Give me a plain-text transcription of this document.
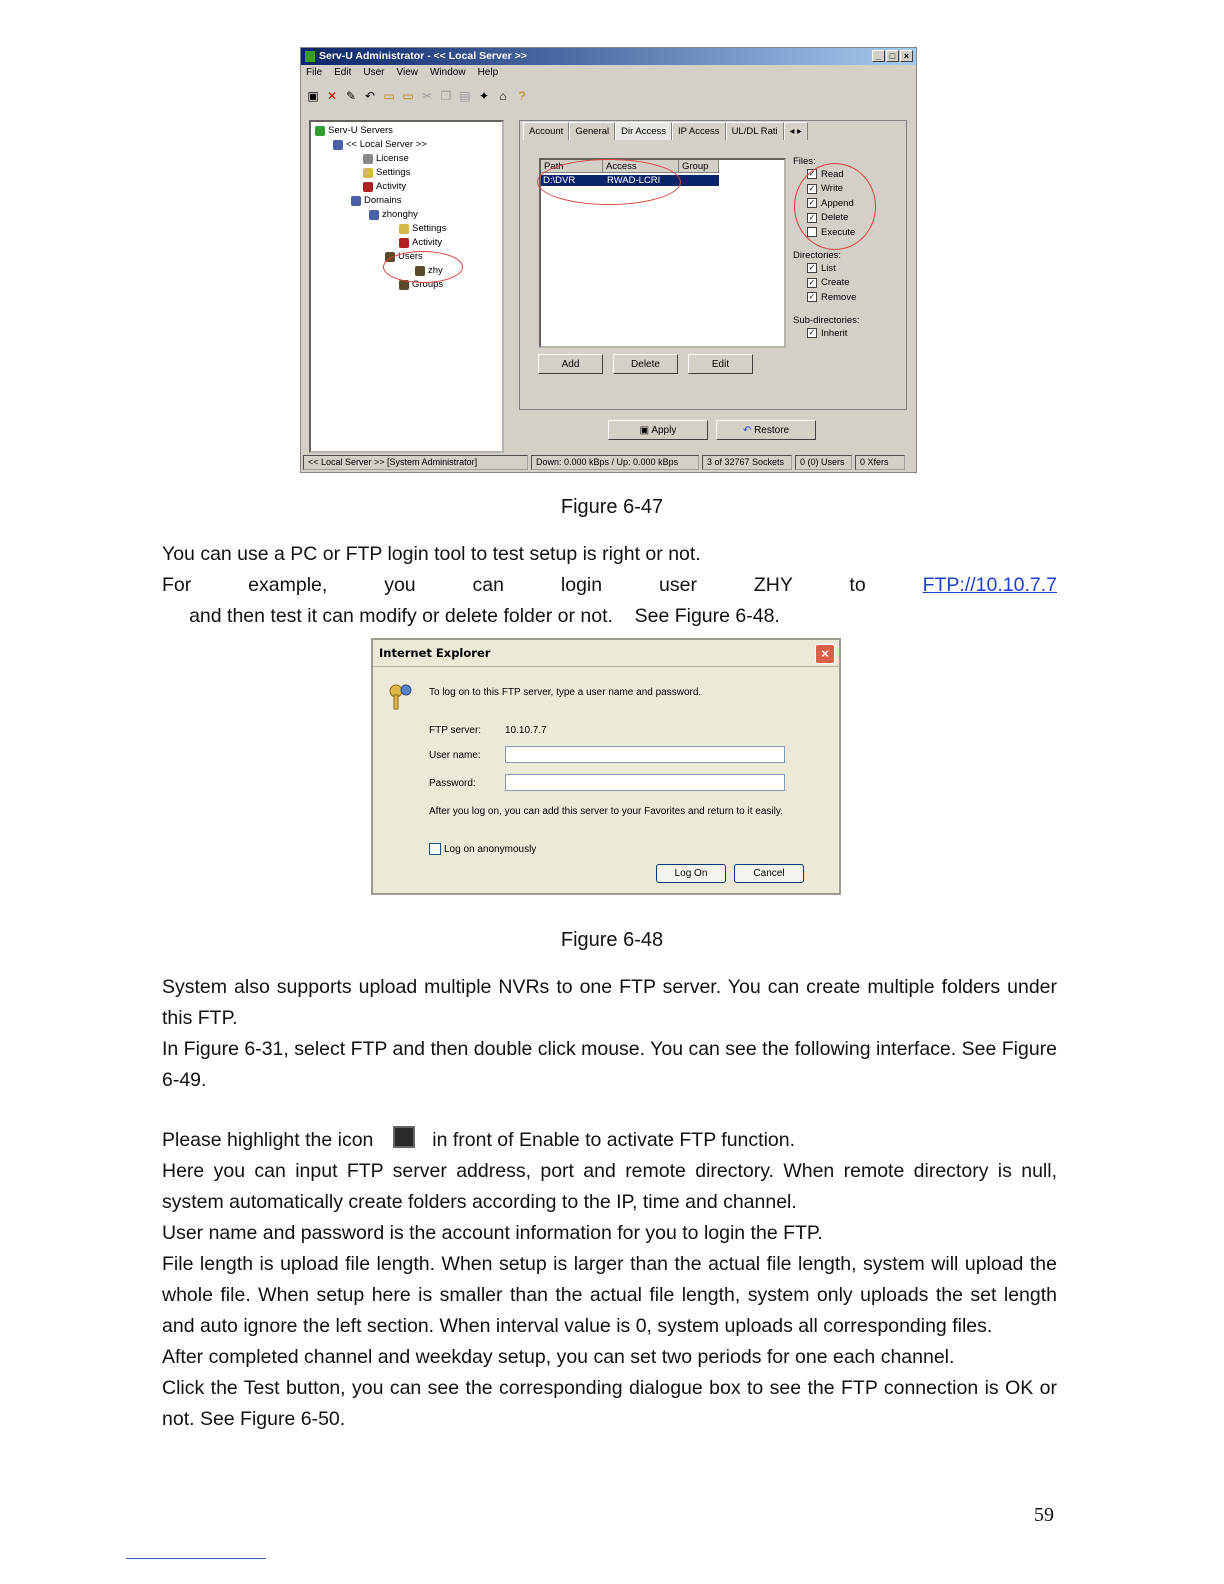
Serv-U Administrator - << Local Server >>	_ □ ×
File Edit User View Window Help
▣ ✕ ✎ ↶ ▭ ▭ ✂ ❐ ▤ ✦ ⌂	?
Serv-U Servers
<< Local Server >>
License
Settings
Activity
Domains
zhonghy
Settings
Activity
Users
zhy
Groups
Account	General	Dir Access	IP Access	UL/DL Rati	◂ ▸
Path	Access	Group
D:\DVR	RWAD-LCRI
Files:
✓ Read
✓ Write
✓ Append
✓ Delete
Execute
Directories:
✓ List
✓ Create
✓ Remove
Sub-directories:
✓ Inherit
Add	Delete	Edit
▣ Apply	↶ Restore
<< Local Server >> [System Administrator]	Down: 0.000 kBps / Up: 0.000 kBps	3 of 32767 Sockets	0 (0) Users	0 Xfers
Figure 6-47

You can use a PC or FTP login tool to test setup is right or not.

For example, you can login user ZHY to FTP://10.10.7.7     and then test it can modify or delete folder or not.    See Figure 6-48.

Internet Explorer	×
To log on to this FTP server, type a user name and password.
FTP server: 10.10.7.7
User name:
Password:
After you log on, you can add this server to your Favorites and return to it easily.
Log on anonymously
Log On	Cancel
Figure 6-48

System also supports upload multiple NVRs to one FTP server. You can create multiple folders under this FTP.

In Figure 6-31, select FTP and then double click mouse. You can see the following interface. See Figure 6-49.

Please highlight the icon	in front of Enable to activate FTP function.

Here you can input FTP server address, port and remote directory. When remote directory is null, system automatically create folders according to the IP, time and channel.

User name and password is the account information for you to login the FTP.

File length is upload file length. When setup is larger than the actual file length, system will upload the whole file. When setup here is smaller than the actual file length, system only uploads the set length and auto ignore the left section. When interval value is 0, system uploads all corresponding files.

After completed channel and weekday setup, you can set two periods for one each channel.

Click the Test button, you can see the corresponding dialogue box to see the FTP connection is OK or not. See Figure 6-50.

59
